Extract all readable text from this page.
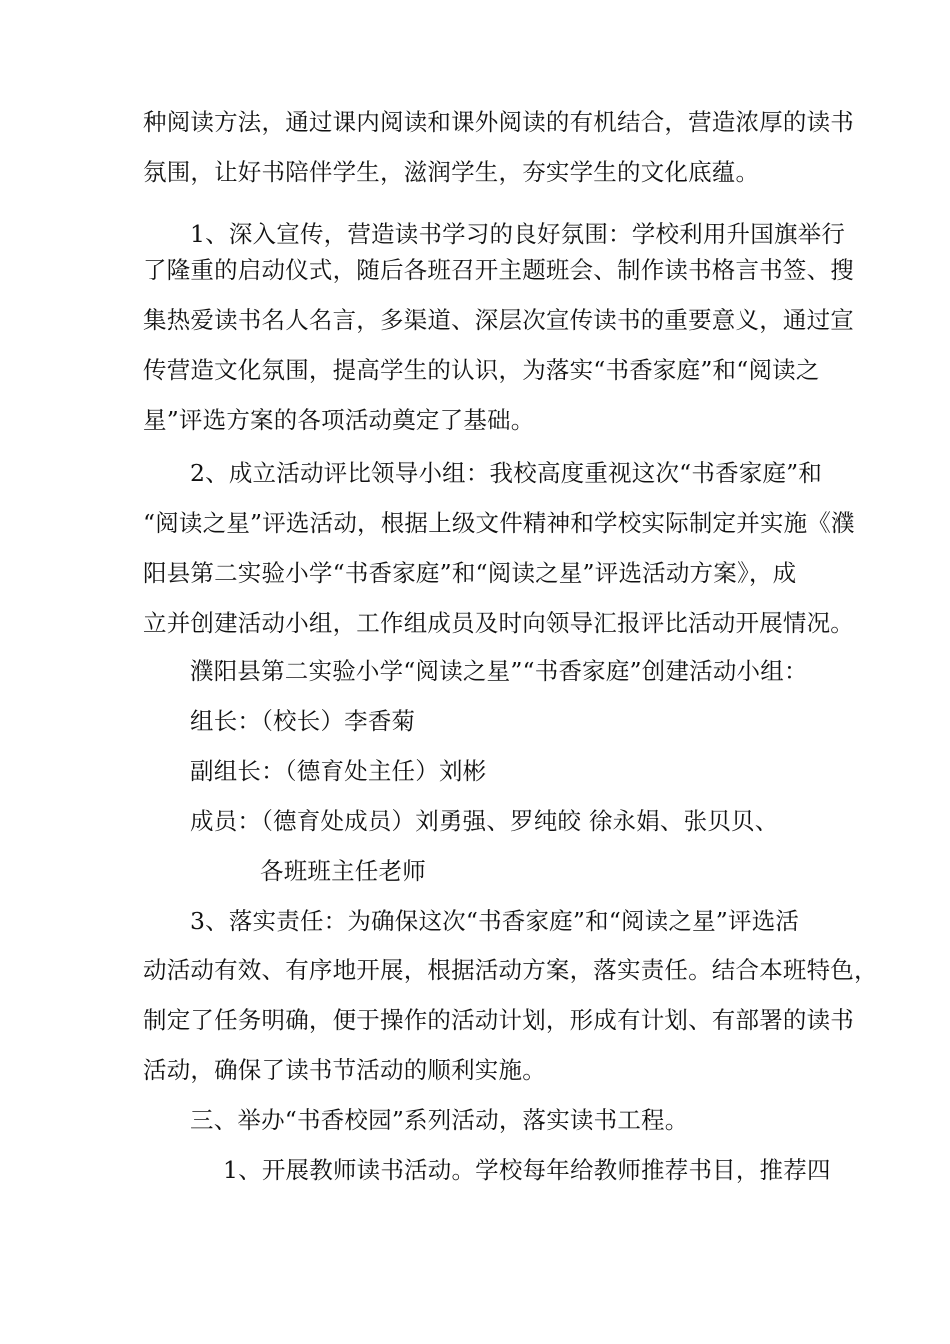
种阅读方法，通过课内阅读和课外阅读的有机结合，营造浓厚的读书
氛围，让好书陪伴学生，滋润学生，夯实学生的文化底蕴。
1、深入宣传，营造读书学习的良好氛围：学校利用升国旗举行
了隆重的启动仪式，随后各班召开主题班会、制作读书格言书签、搜
集热爱读书名人名言，多渠道、深层次宣传读书的重要意义，通过宣
传营造文化氛围，提高学生的认识，为落实“书香家庭”和“阅读之
星”评选方案的各项活动奠定了基础。
2、成立活动评比领导小组：我校高度重视这次“书香家庭”和
“阅读之星”评选活动，根据上级文件精神和学校实际制定并实施《濮
阳县第二实验小学“书香家庭”和“阅读之星”评选活动方案》，成
立并创建活动小组，工作组成员及时向领导汇报评比活动开展情况。
濮阳县第二实验小学“阅读之星”“书香家庭”创建活动小组：
组长：（校长）李香菊
副组长：（德育处主任）刘彬
成员：（德育处成员）刘勇强、罗纯皎 徐永娟、张贝贝、
各班班主任老师
3、落实责任：为确保这次“书香家庭”和“阅读之星”评选活
动活动有效、有序地开展，根据活动方案，落实责任。结合本班特色，
制定了任务明确，便于操作的活动计划，形成有计划、有部署的读书
活动，确保了读书节活动的顺利实施。
三、举办“书香校园”系列活动，落实读书工程。
1、开展教师读书活动。学校每年给教师推荐书目，推荐四
